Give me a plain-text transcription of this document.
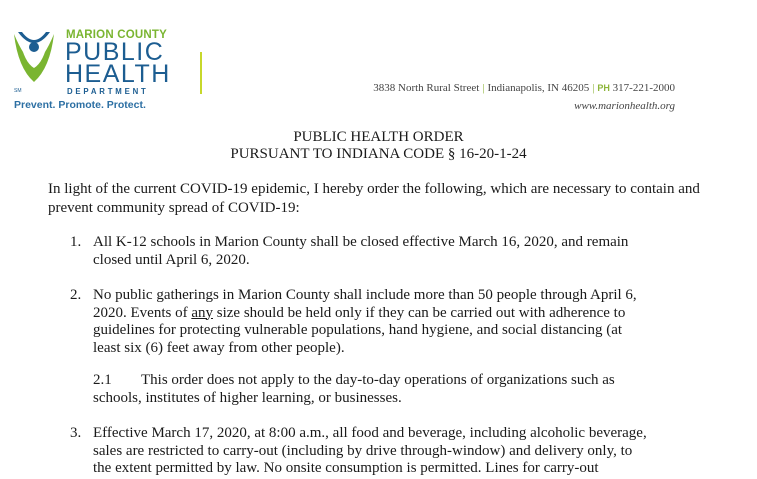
SM
MARION COUNTY
PUBLIC
HEALTH
DEPARTMENT
Prevent. Promote. Protect.
3838 North Rural Street | Indianapolis, IN 46205 | PH 317-221-2000
www.marionhealth.org
PUBLIC HEALTH ORDER
PURSUANT TO INDIANA CODE § 16-20-1-24
In light of the current COVID-19 epidemic, I hereby order the following, which are necessary to contain and prevent community spread of COVID-19:
1. All K-12 schools in Marion County shall be closed effective March 16, 2020, and remain
closed until April 6, 2020.
2. No public gatherings in Marion County shall include more than 50 people through April 6,
2020. Events of any size should be held only if they can be carried out with adherence to
guidelines for protecting vulnerable populations, hand hygiene, and social distancing (at
least six (6) feet away from other people).
2.1 This order does not apply to the day-to-day operations of organizations such as
schools, institutes of higher learning, or businesses.
3. Effective March 17, 2020, at 8:00 a.m., all food and beverage, including alcoholic beverage,
sales are restricted to carry-out (including by drive through-window) and delivery only, to
the extent permitted by law. No onsite consumption is permitted. Lines for carry-out
